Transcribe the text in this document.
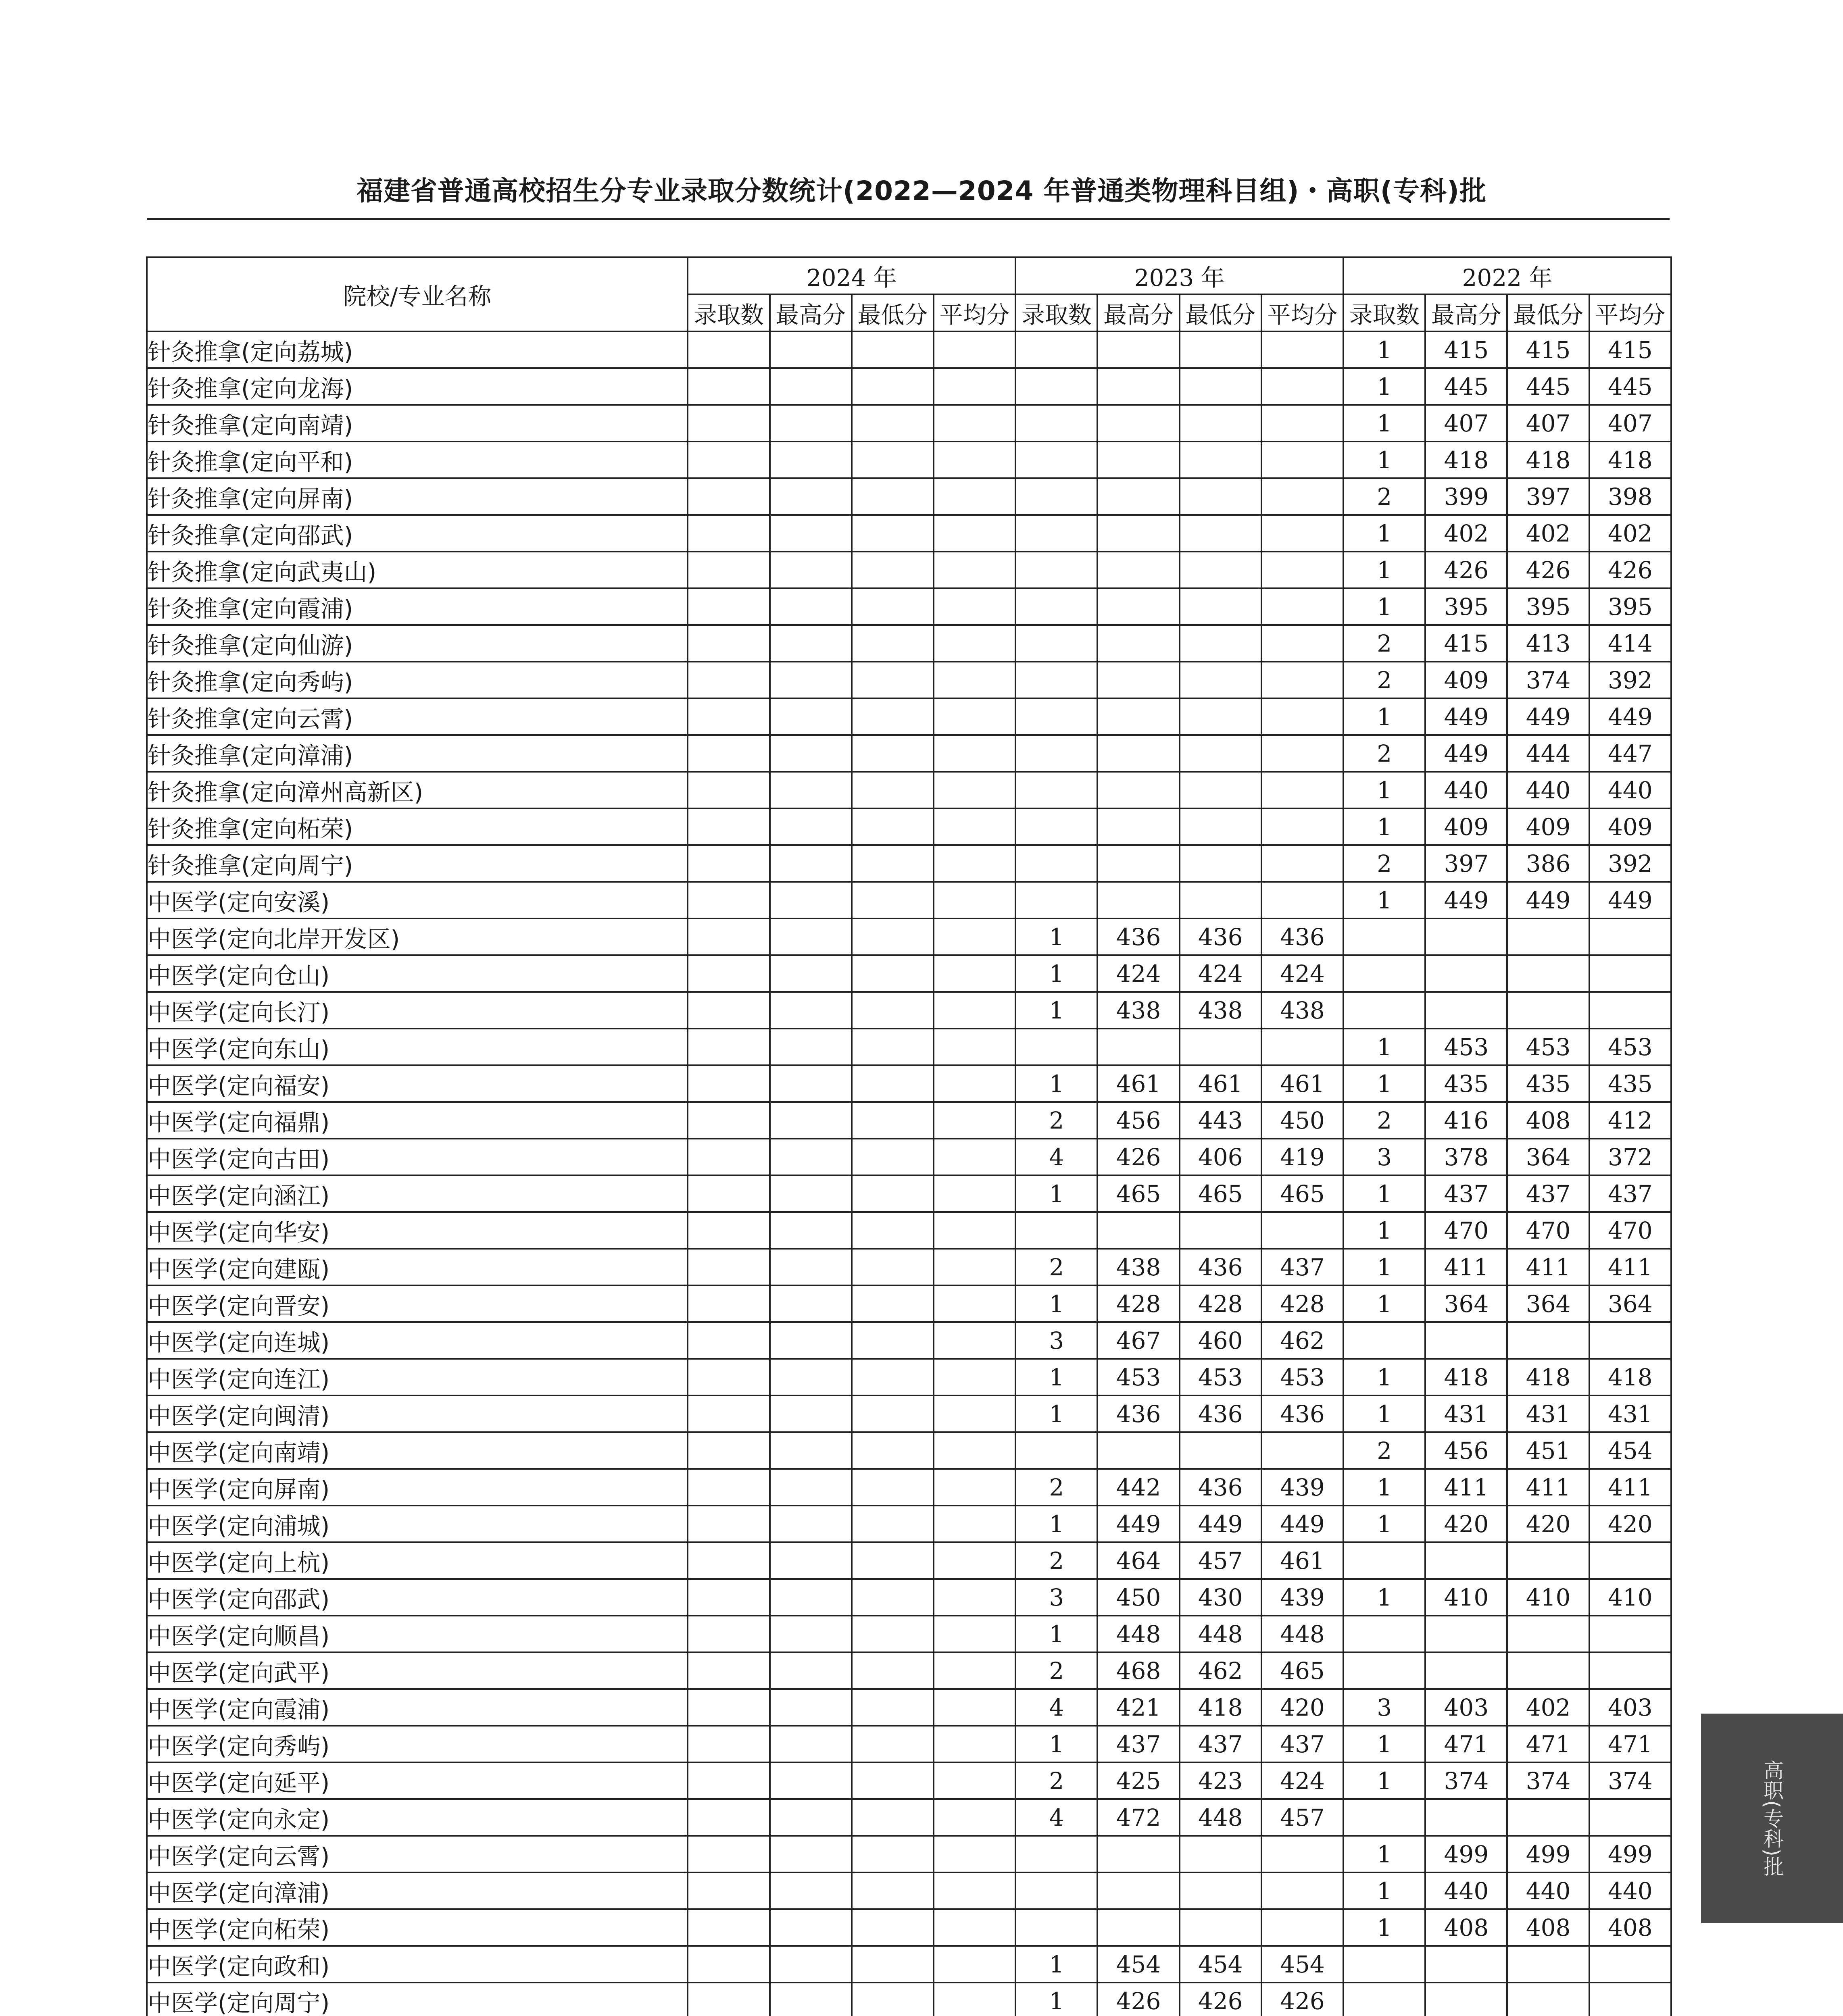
福建省普通高校招生分专业录取分数统计(2022—2024 年普通类物理科目组)・高职(专科)批
院校/专业名称	2024 年				2023 年				2022 年			
	录取数	最高分	最低分	平均分	录取数	最高分	最低分	平均分	录取数	最高分	最低分	平均分
针灸推拿(定向荔城)									1	415	415	415
针灸推拿(定向龙海)									1	445	445	445
针灸推拿(定向南靖)									1	407	407	407
针灸推拿(定向平和)									1	418	418	418
针灸推拿(定向屏南)									2	399	397	398
针灸推拿(定向邵武)									1	402	402	402
针灸推拿(定向武夷山)									1	426	426	426
针灸推拿(定向霞浦)									1	395	395	395
针灸推拿(定向仙游)									2	415	413	414
针灸推拿(定向秀屿)									2	409	374	392
针灸推拿(定向云霄)									1	449	449	449
针灸推拿(定向漳浦)									2	449	444	447
针灸推拿(定向漳州高新区)									1	440	440	440
针灸推拿(定向柘荣)									1	409	409	409
针灸推拿(定向周宁)									2	397	386	392
中医学(定向安溪)									1	449	449	449
中医学(定向北岸开发区)					1	436	436	436				
中医学(定向仓山)					1	424	424	424				
中医学(定向长汀)					1	438	438	438				
中医学(定向东山)									1	453	453	453
中医学(定向福安)					1	461	461	461	1	435	435	435
中医学(定向福鼎)					2	456	443	450	2	416	408	412
中医学(定向古田)					4	426	406	419	3	378	364	372
中医学(定向涵江)					1	465	465	465	1	437	437	437
中医学(定向华安)									1	470	470	470
中医学(定向建瓯)					2	438	436	437	1	411	411	411
中医学(定向晋安)					1	428	428	428	1	364	364	364
中医学(定向连城)					3	467	460	462				
中医学(定向连江)					1	453	453	453	1	418	418	418
中医学(定向闽清)					1	436	436	436	1	431	431	431
中医学(定向南靖)									2	456	451	454
中医学(定向屏南)					2	442	436	439	1	411	411	411
中医学(定向浦城)					1	449	449	449	1	420	420	420
中医学(定向上杭)					2	464	457	461				
中医学(定向邵武)					3	450	430	439	1	410	410	410
中医学(定向顺昌)					1	448	448	448				
中医学(定向武平)					2	468	462	465				
中医学(定向霞浦)					4	421	418	420	3	403	402	403
中医学(定向秀屿)					1	437	437	437	1	471	471	471
中医学(定向延平)					2	425	423	424	1	374	374	374
中医学(定向永定)					4	472	448	457				
中医学(定向云霄)									1	499	499	499
中医学(定向漳浦)									1	440	440	440
中医学(定向柘荣)									1	408	408	408
中医学(定向政和)					1	454	454	454				
中医学(定向周宁)					1	426	426	426				

高职(专科)批
